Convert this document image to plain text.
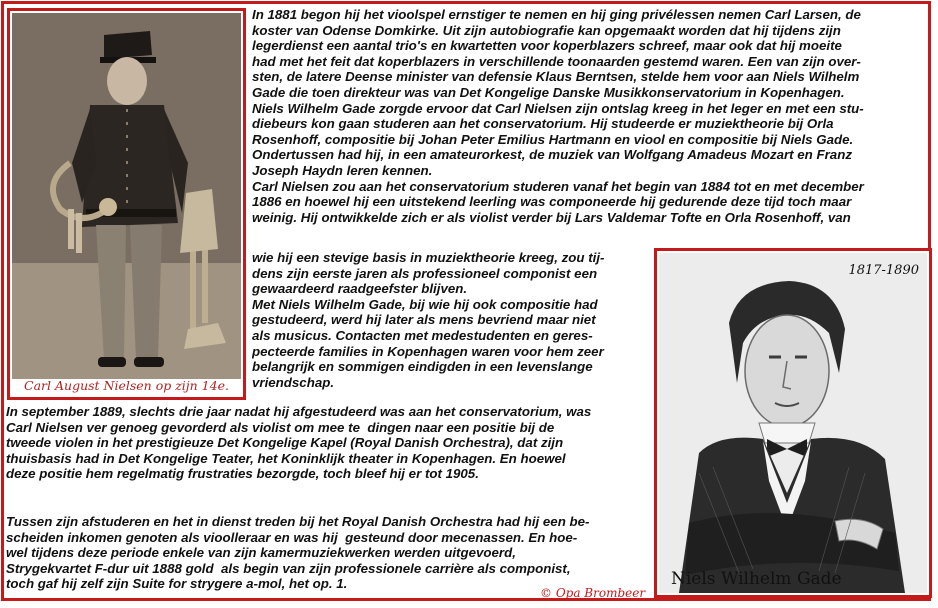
Carl August Nielsen op zijn 14e.
1817-1890
Niels Wilhelm Gade

In 1881 begon hij het vioolspel ernstiger te nemen en hij ging privélessen nemen Carl Larsen, de
koster van Odense Domkirke. Uit zijn autobiografie kan opgemaakt worden dat hij tijdens zijn
legerdienst een aantal trio's en kwartetten voor koperblazers schreef, maar ook dat hij moeite
had met het feit dat koperblazers in verschillende toonaarden gestemd waren. Een van zijn over-
sten, de latere Deense minister van defensie Klaus Berntsen, stelde hem voor aan Niels Wilhelm
Gade die toen direkteur was van Det Kongelige Danske Musikkonservatorium in Kopenhagen.
Niels Wilhelm Gade zorgde ervoor dat Carl Nielsen zijn ontslag kreeg in het leger en met een stu-
diebeurs kon gaan studeren aan het conservatorium. Hij studeerde er muziektheorie bij Orla
Rosenhoff, compositie bij Johan Peter Emilius Hartmann en viool en compositie bij Niels Gade.
Ondertussen had hij, in een amateurorkest, de muziek van Wolfgang Amadeus Mozart en Franz
Joseph Haydn leren kennen.
Carl Nielsen zou aan het conservatorium studeren vanaf het begin van 1884 tot en met december
1886 en hoewel hij een uitstekend leerling was componeerde hij gedurende deze tijd toch maar
weinig. Hij ontwikkelde zich er als violist verder bij Lars Valdemar Tofte en Orla Rosenhoff, van

wie hij een stevige basis in muziektheorie kreeg, zou tij-
dens zijn eerste jaren als professioneel componist een
gewaardeerd raadgeefster blijven.
Met Niels Wilhelm Gade, bij wie hij ook compositie had
gestudeerd, werd hij later als mens bevriend maar niet
als musicus. Contacten met medestudenten en geres-
pecteerde families in Kopenhagen waren voor hem zeer
belangrijk en sommigen eindigden in een levenslange
vriendschap.

In september 1889, slechts drie jaar nadat hij afgestudeerd was aan het conservatorium, was
Carl Nielsen ver genoeg gevorderd als violist om mee te  dingen naar een positie bij de
tweede violen in het prestigieuze Det Kongelige Kapel (Royal Danish Orchestra), dat zijn
thuisbasis had in Det Kongelige Teater, het Koninklijk theater in Kopenhagen. En hoewel
deze positie hem regelmatig frustraties bezorgde, toch bleef hij er tot 1905.

Tussen zijn afstuderen en het in dienst treden bij het Royal Danish Orchestra had hij een be-
scheiden inkomen genoten als vioolleraar en was hij  gesteund door mecenassen. En hoe-
wel tijdens deze periode enkele van zijn kamermuziekwerken werden uitgevoerd,
Strygekvartet F-dur uit 1888 gold  als begin van zijn professionele carrière als componist,
toch gaf hij zelf zijn Suite for strygere a-mol, het op. 1.

© Opa Brombeer
